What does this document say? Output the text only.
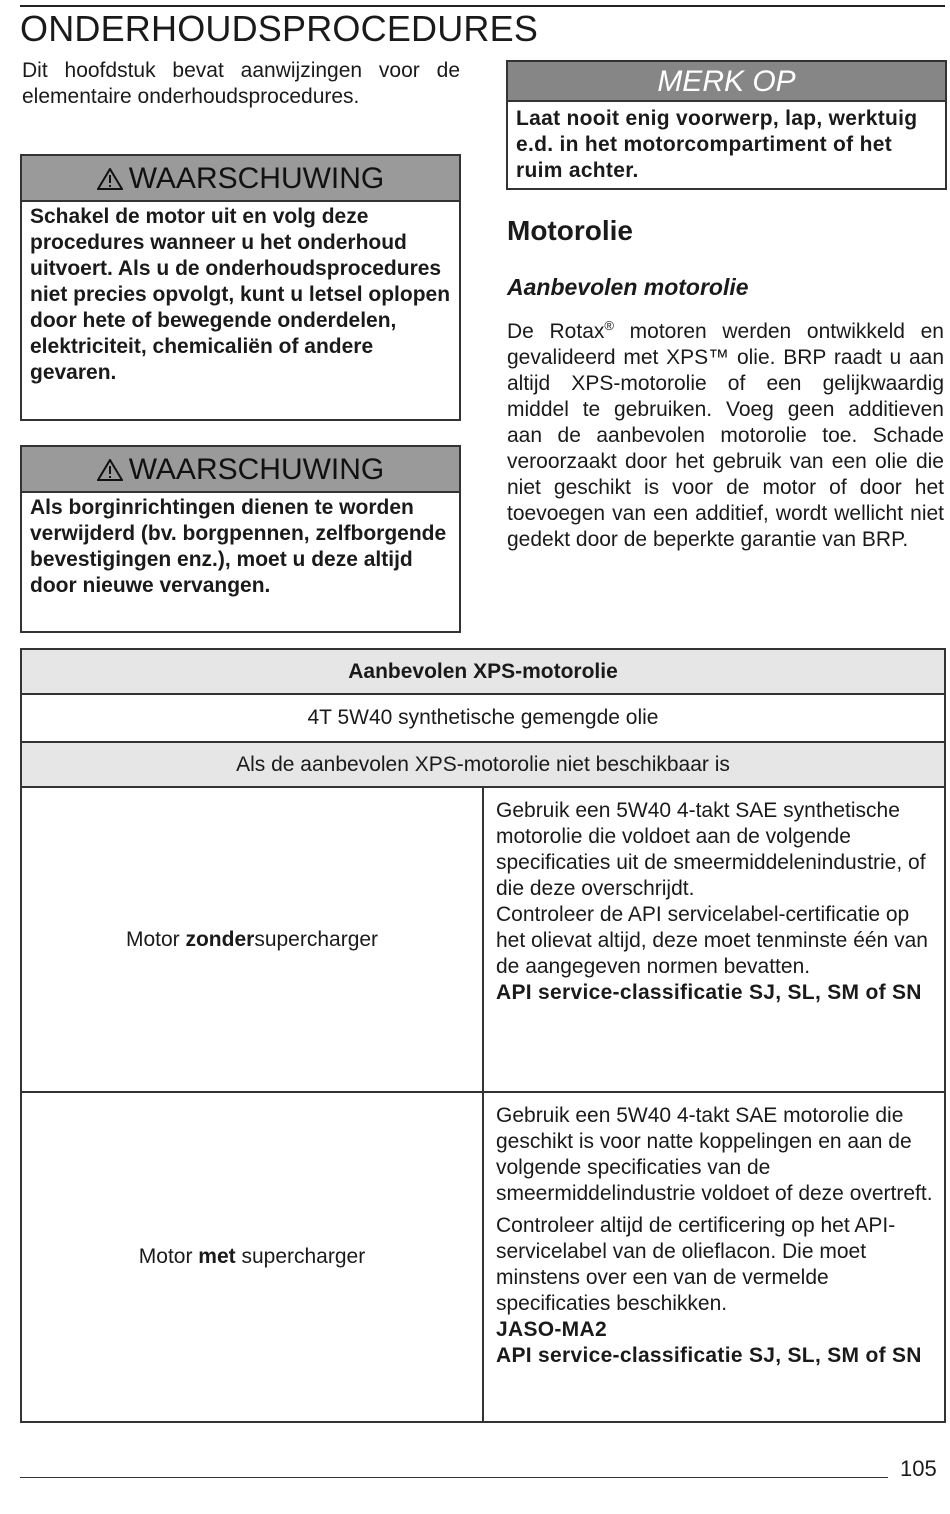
ONDERHOUDSPROCEDURES

Dit hoofdstuk bevat aanwijzingen voor de elementaire onderhoudsprocedures.

WAARSCHUWING
Schakel de motor uit en volg deze procedures wanneer u het onderhoud uitvoert. Als u de onderhoudsprocedures niet precies opvolgt, kunt u letsel oplopen door hete of bewegende onderdelen, elektriciteit, chemicaliën of andere gevaren.
WAARSCHUWING
Als borginrichtingen dienen te worden verwijderd (bv. borgpennen, zelfborgende bevestigingen enz.), moet u deze altijd door nieuwe vervangen.
MERK OP
Laat nooit enig voorwerp, lap, werktuig e.d. in het motorcompartiment of het ruim achter.
Motorolie
Aanbevolen motorolie

De Rotax® motoren werden ontwikkeld en gevalideerd met XPS™ olie. BRP raadt u aan altijd XPS-motorolie of een gelijkwaardig middel te gebruiken. Voeg geen additieven aan de aanbevolen motorolie toe. Schade veroorzaakt door het gebruik van een olie die niet geschikt is voor de motor of door het toevoegen van een additief, wordt wellicht niet gedekt door de beperkte garantie van BRP.

Aanbevolen XPS-motorolie	
4T 5W40 synthetische gemengde olie	
Als de aanbevolen XPS-motorolie niet beschikbaar is	
Motor zondersupercharger	Gebruik een 5W40 4-takt SAE synthetische motorolie die voldoet aan de volgende specificaties uit de smeermiddelenindustrie, of die deze overschrijdt.

Controleer de API servicelabel-certificatie op het olievat altijd, deze moet tenminste één van de aangegeven normen bevatten.

API service-classificatie SJ, SL, SM of SN

Motor met supercharger	Gebruik een 5W40 4-takt SAE motorolie die geschikt is voor natte koppelingen en aan de volgende specificaties van de smeermiddelindustrie voldoet of deze overtreft.

Controleer altijd de certificering op het API-servicelabel van de olieflacon. Die moet minstens over een van de vermelde specificaties beschikken.

JASO-MA2

API service-classificatie SJ, SL, SM of SN

105
